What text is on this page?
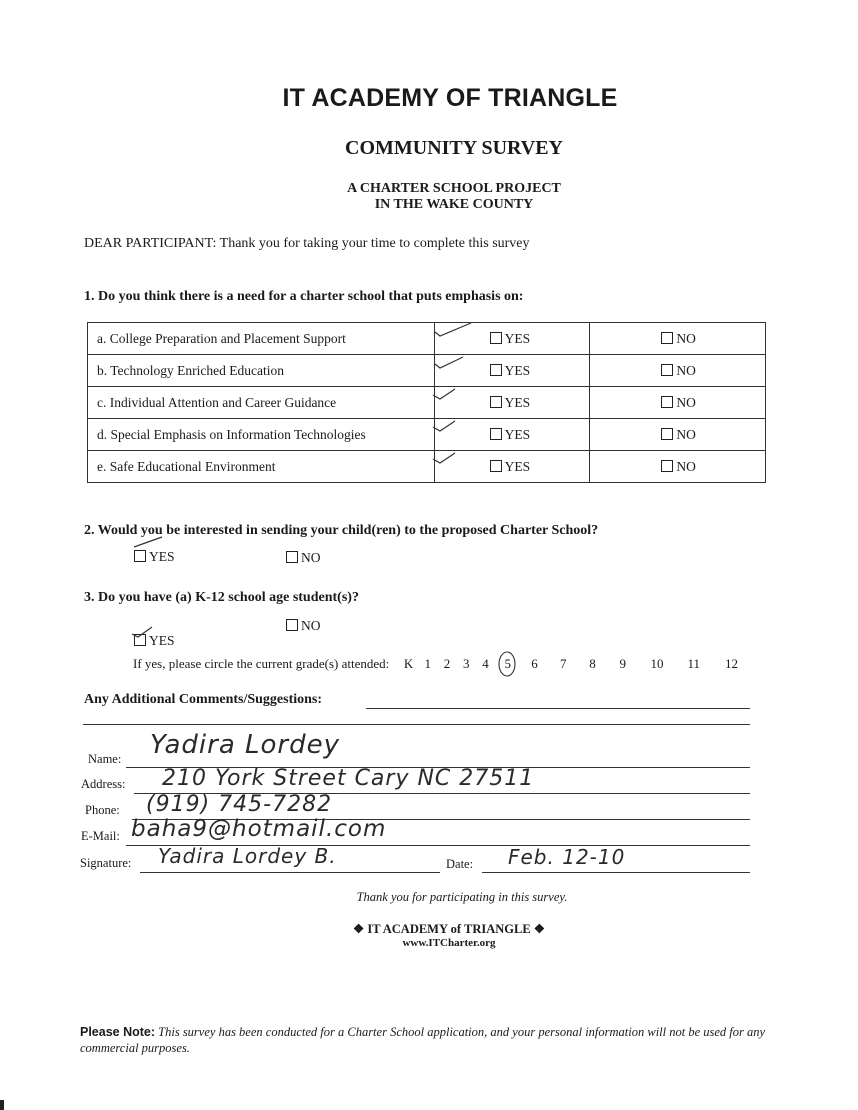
IT ACADEMY OF TRIANGLE
COMMUNITY SURVEY
A CHARTER SCHOOL PROJECT
IN THE WAKE COUNTY
DEAR PARTICIPANT: Thank you for taking your time to complete this survey
1. Do you think there is a need for a charter school that puts emphasis on:
a. College Preparation and Placement Support	YES	NO
b. Technology Enriched Education	YES	NO
c. Individual Attention and Career Guidance	YES	NO
d. Special Emphasis on Information Technologies	YES	NO
e. Safe Educational Environment	YES	NO
2. Would you be interested in sending your child(ren) to the proposed Charter School?
YES	NO
3. Do you have (a) K-12 school age student(s)?
YES
NO
If yes, please circle the current grade(s) attended: K 1 2 3 4 5 6 7 8 9 10 11 12
Any Additional Comments/Suggestions:
Name: Yadira Lordey
Address: 210 York Street Cary NC 27511
Phone: (919) 745-7282
E-Mail: baha9@hotmail.com
Signature: Yadira Lordey B.	Date: Feb. 12-10
Thank you for participating in this survey.
❖ IT ACADEMY of TRIANGLE ❖
www.ITCharter.org
Please Note: This survey has been conducted for a Charter School application, and your personal information will not be used for any commercial purposes.
